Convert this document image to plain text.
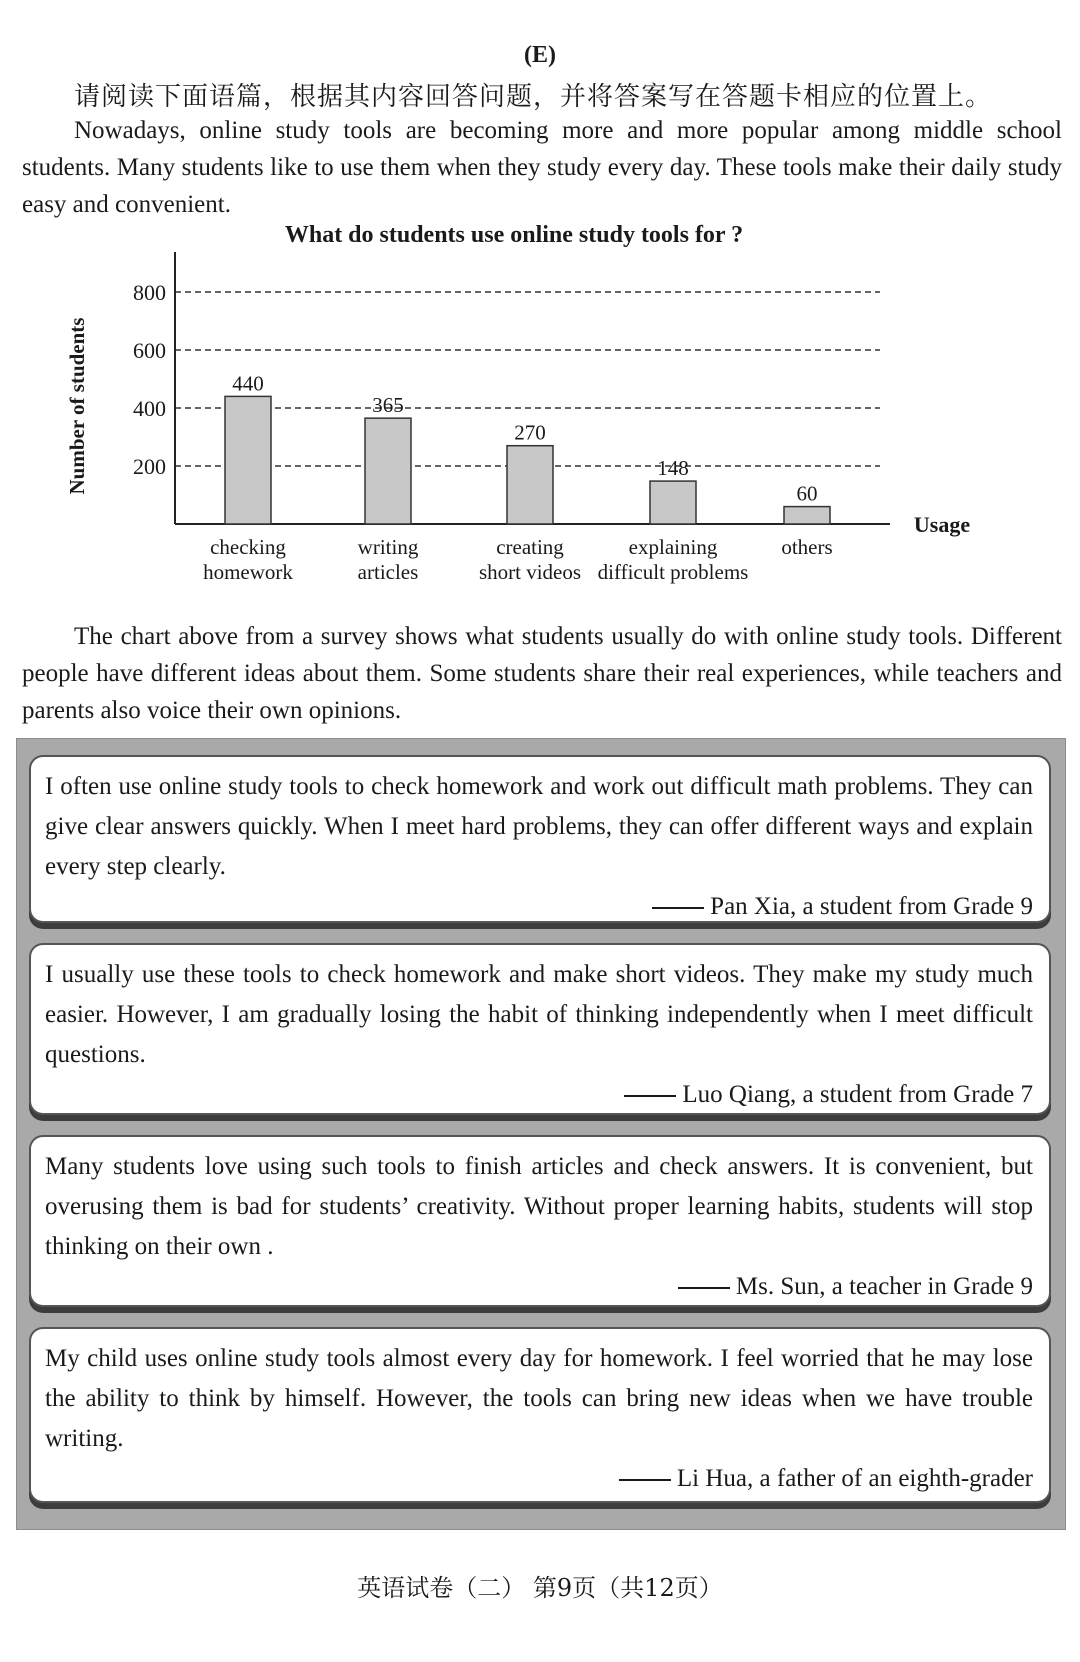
(E)
请阅读下面语篇，根据其内容回答问题，并将答案写在答题卡相应的位置上。
Nowadays, online study tools are becoming more and more popular among middle school students. Many students like to use them when they study every day. These tools make their daily study easy and convenient.
What do students use online study tools for ?
200
400
600
800
Number of students
Usage
440
checking
homework
365
writing
articles
270
creating
short videos
148
explaining
difficult problems
60
others
The chart above from a survey shows what students usually do with online study tools. Different people have different ideas about them. Some students share their real experiences, while teachers and parents also voice their own opinions.
I often use online study tools to check homework and work out difficult math problems. They can give clear answers quickly. When I meet hard problems, they can offer different ways and explain every step clearly.
Pan Xia, a student from Grade 9
I usually use these tools to check homework and make short videos. They make my study much easier. However, I am gradually losing the habit of thinking independently when I meet difficult questions.
Luo Qiang, a student from Grade 7
Many students love using such tools to finish articles and check answers. It is convenient, but overusing them is bad for students’ creativity. Without proper learning habits, students will stop thinking on their own .
Ms. Sun, a teacher in Grade 9
My child uses online study tools almost every day for homework. I feel worried that he may lose the ability to think by himself. However, the tools can bring new ideas when we have trouble writing.
Li Hua, a father of an eighth-grader
英语试卷（二） 第9页（共12页）
